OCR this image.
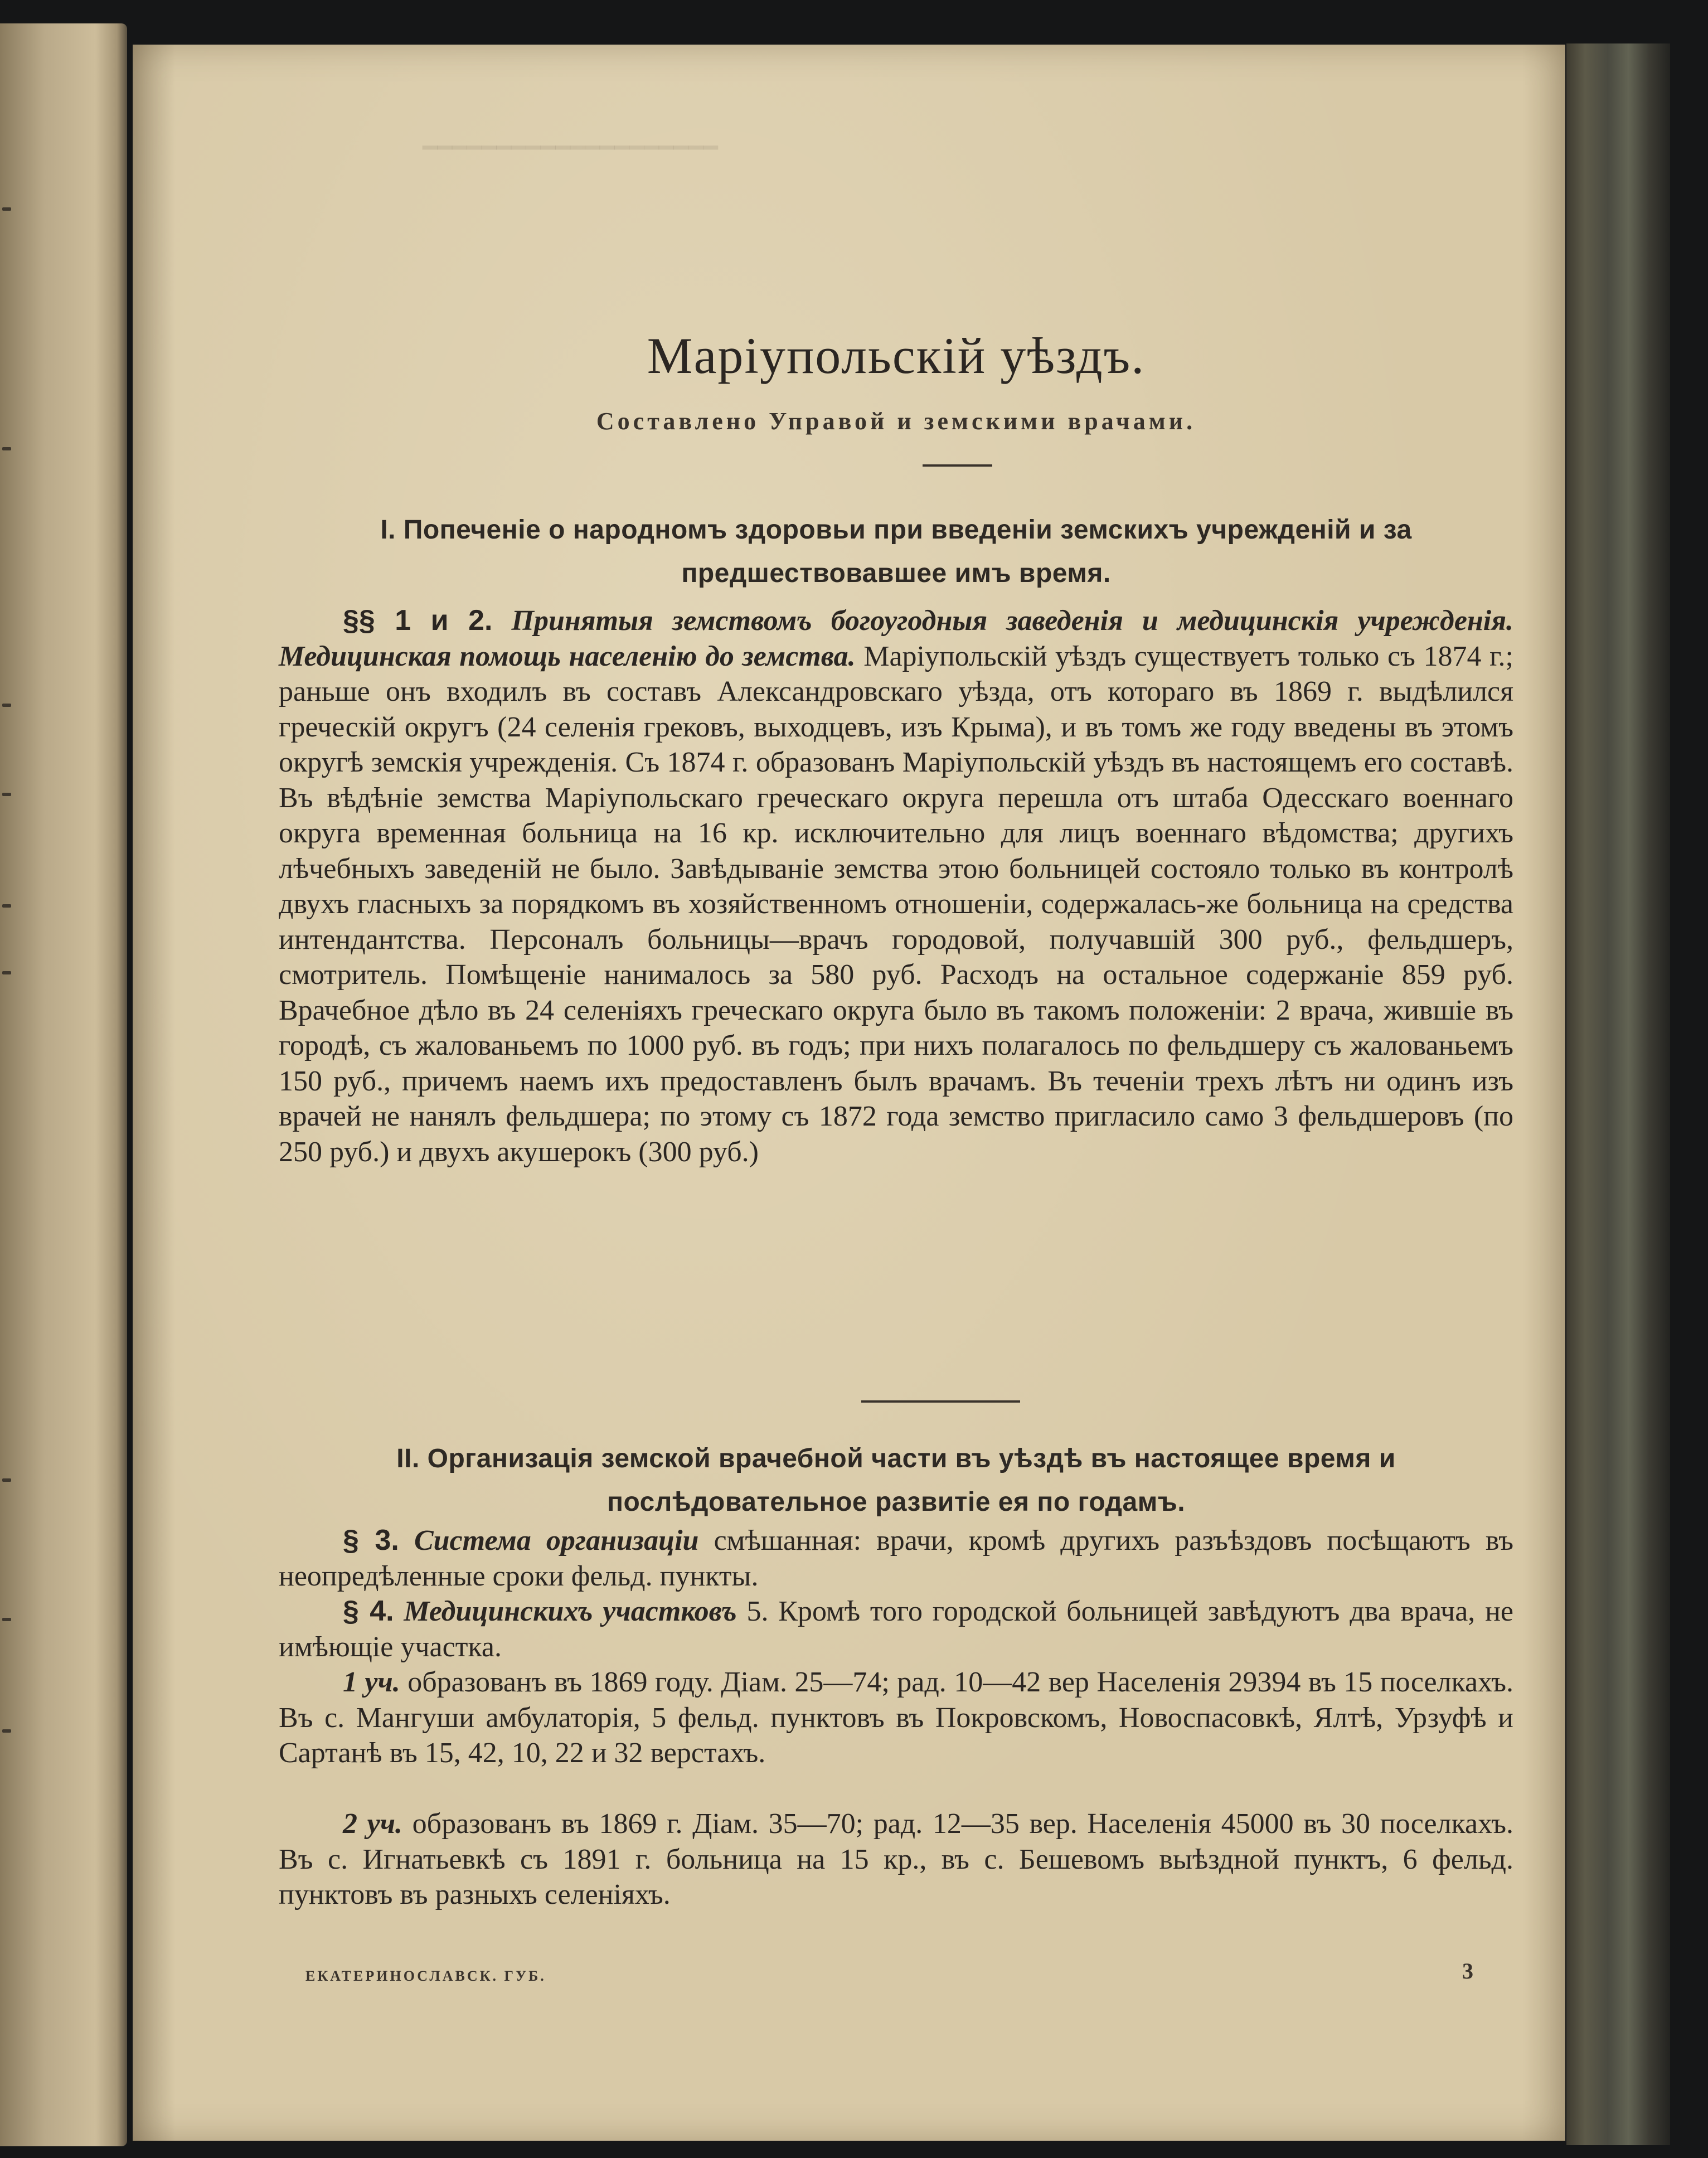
━━━━━━━━━━━━━━━━━━━━
Маріупольскій уѣздъ.

Составлено Управой и земскими врачами.

I. Попеченіе о народномъ здоровьи при введеніи земскихъ учрежденій и за предшествовавшее имъ время.

§§ 1 и 2. Принятыя земствомъ богоугодныя заведенія и медицинскія учрежденія. Медицинская помощь населенію до земства. Маріупольскій уѣздъ существуетъ только съ 1874 г.; раньше онъ входилъ въ составъ Александровскаго уѣзда, отъ котораго въ 1869 г. выдѣлился греческій округъ (24 селенія грековъ, выходцевъ, изъ Крыма), и въ томъ же году введены въ этомъ округѣ земскія учрежденія. Съ 1874 г. образованъ Маріупольскій уѣздъ въ настоящемъ его составѣ. Въ вѣдѣніе земства Маріупольскаго греческаго округа перешла отъ штаба Одесскаго военнаго округа временная больница на 16 кр. исключительно для лицъ военнаго вѣдомства; другихъ лѣчебныхъ заведеній не было. Завѣдываніе земства этою больницей состояло только въ контролѣ двухъ гласныхъ за порядкомъ въ хозяйственномъ отношеніи, содержалась-же больница на средства интендантства. Персоналъ больницы—врачъ городовой, получавшій 300 руб., фельдшеръ, смотритель. Помѣщеніе нанималось за 580 руб. Расходъ на остальное содержаніе 859 руб. Врачебное дѣло въ 24 селеніяхъ греческаго округа было въ такомъ положеніи: 2 врача, жившіе въ городѣ, съ жалованьемъ по 1000 руб. въ годъ; при нихъ полагалось по фельдшеру съ жалованьемъ 150 руб., причемъ наемъ ихъ предоставленъ былъ врачамъ. Въ теченіи трехъ лѣтъ ни одинъ изъ врачей не нанялъ фельдшера; по этому съ 1872 года земство пригласило само 3 фельдшеровъ (по 250 руб.) и двухъ акушерокъ (300 руб.)

II. Организація земской врачебной части въ уѣздѣ въ настоящее время и послѣдовательное развитіе ея по годамъ.

§ 3. Система организаціи смѣшанная: врачи, кромѣ другихъ разъѣздовъ посѣщаютъ въ неопредѣленные сроки фельд. пункты.

§ 4. Медицинскихъ участковъ 5. Кромѣ того городской больницей завѣдуютъ два врача, не имѣющіе участка.

1 уч. образованъ въ 1869 году. Діам. 25—74; рад. 10—42 вер Населенія 29394 въ 15 поселкахъ. Въ с. Мангуши амбулаторія, 5 фельд. пунктовъ въ Покровскомъ, Новоспасовкѣ, Ялтѣ, Урзуфѣ и Сартанѣ въ 15, 42, 10, 22 и 32 верстахъ.

2 уч. образованъ въ 1869 г. Діам. 35—70; рад. 12—35 вер. Населенія 45000 въ 30 поселкахъ. Въ с. Игнатьевкѣ съ 1891 г. больница на 15 кр., въ с. Бешевомъ выѣздной пунктъ, 6 фельд. пунктовъ въ разныхъ селеніяхъ.

ЕКАТЕРИНОСЛАВСК. ГУБ.	3
